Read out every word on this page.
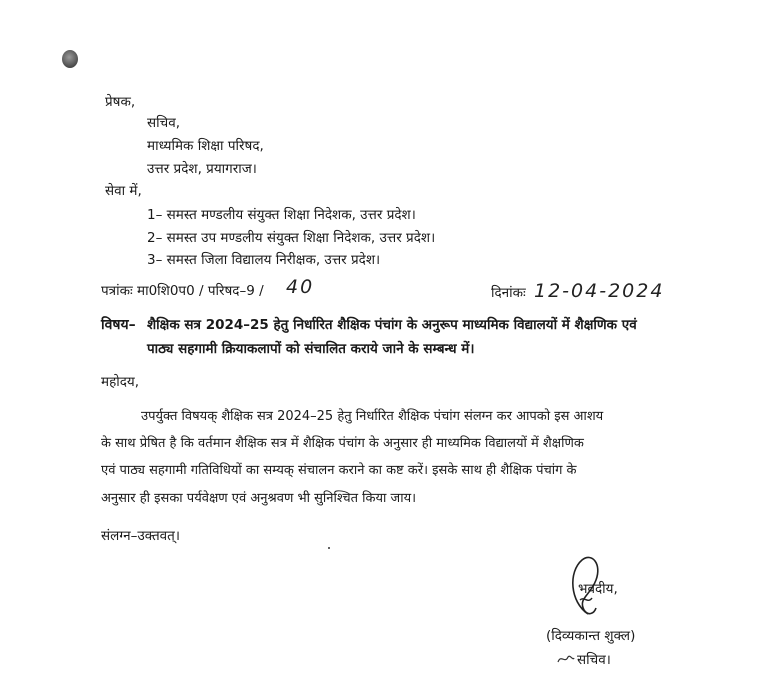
प्रेषक,
सचिव,
माध्यमिक शिक्षा परिषद,
उत्तर प्रदेश, प्रयागराज।
सेवा में,
1– समस्त मण्डलीय संयुक्त शिक्षा निदेशक, उत्तर प्रदेश।
2– समस्त उप मण्डलीय संयुक्त शिक्षा निदेशक, उत्तर प्रदेश।
3– समस्त जिला विद्यालय निरीक्षक, उत्तर प्रदेश।
पत्रांकः मा0शि0प0 / परिषद–9 / 40	दिनांकः 12-04-2024
विषय– शैक्षिक सत्र 2024–25 हेतु निर्धारित शैक्षिक पंचांग के अनुरूप माध्यमिक विद्यालयों में शैक्षणिक एवं
पाठ्य सहगामी क्रियाकलापों को संचालित कराये जाने के सम्बन्ध में।
महोदय,
उपर्युक्त विषयक् शैक्षिक सत्र 2024–25 हेतु निर्धारित शैक्षिक पंचांग संलग्न कर आपको इस आशय
के साथ प्रेषित है कि वर्तमान शैक्षिक सत्र में शैक्षिक पंचांग के अनुसार ही माध्यमिक विद्यालयों में शैक्षणिक
एवं पाठ्य सहगामी गतिविधियों का सम्यक् संचालन कराने का कष्ट करें। इसके साथ ही शैक्षिक पंचांग के
अनुसार ही इसका पर्यवेक्षण एवं अनुश्रवण भी सुनिश्चित किया जाय।
संलग्न–उक्तवत्।
भवदीय,
(दिव्यकान्त शुक्ल)
सचिव।
